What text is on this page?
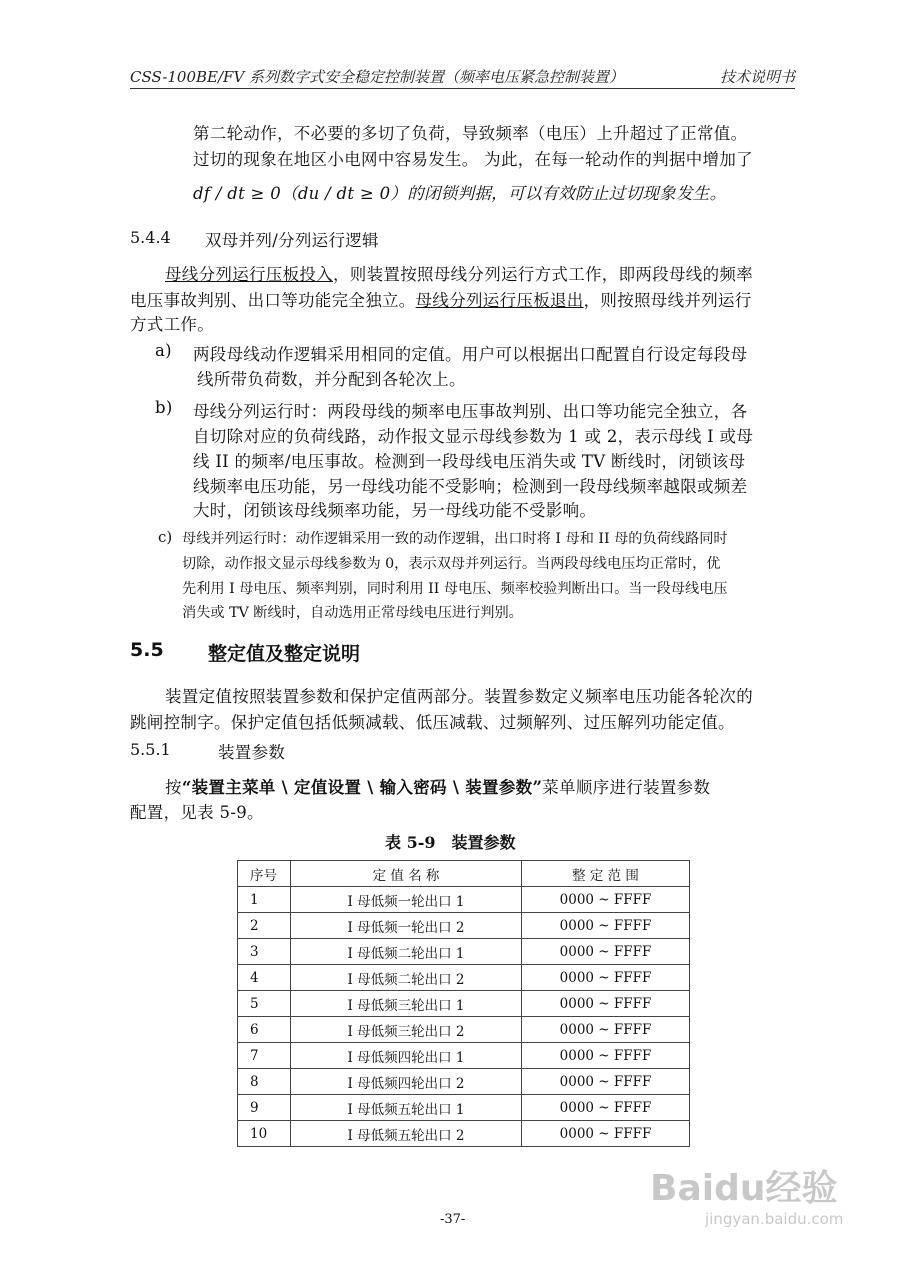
CSS-100BE/FV 系列数字式安全稳定控制装置（频率电压紧急控制装置）	技术说明书
第二轮动作，不必要的多切了负荷，导致频率（电压）上升超过了正常值。
过切的现象在地区小电网中容易发生。 为此，在每一轮动作的判据中增加了
df / dt ≥ 0（du / dt ≥ 0）的闭锁判据，可以有效防止过切现象发生。
5.4.4 双母并列/分列运行逻辑
母线分列运行压板投入，则装置按照母线分列运行方式工作，即两段母线的频率
电压事故判别、出口等功能完全独立。母线分列运行压板退出，则按照母线并列运行
方式工作。
a) 两段母线动作逻辑采用相同的定值。用户可以根据出口配置自行设定每段母
线所带负荷数，并分配到各轮次上。
b) 母线分列运行时：两段母线的频率电压事故判别、出口等功能完全独立，各
自切除对应的负荷线路，动作报文显示母线参数为 1 或 2，表示母线 I 或母
线 II 的频率/电压事故。检测到一段母线电压消失或 TV 断线时，闭锁该母
线频率电压功能，另一母线功能不受影响；检测到一段母线频率越限或频差
大时，闭锁该母线频率功能，另一母线功能不受影响。
c) 母线并列运行时：动作逻辑采用一致的动作逻辑，出口时将 I 母和 II 母的负荷线路同时
切除，动作报文显示母线参数为 0，表示双母并列运行。当两段母线电压均正常时，优
先利用 I 母电压、频率判别，同时利用 II 母电压、频率校验判断出口。当一段母线电压
消失或 TV 断线时，自动选用正常母线电压进行判别。
5.5 整定值及整定说明
装置定值按照装置参数和保护定值两部分。装置参数定义频率电压功能各轮次的
跳闸控制字。保护定值包括低频减载、低压减载、过频解列、过压解列功能定值。
5.5.1	装置参数
按“装置主菜单 \ 定值设置 \ 输入密码 \ 装置参数”菜单顺序进行装置参数
配置，见表 5-9。
表 5-9　装置参数
序号	定 值 名 称	整 定 范 围
1	I 母低频一轮出口 1	0000 ~ FFFF
2	I 母低频一轮出口 2	0000 ~ FFFF
3	I 母低频二轮出口 1	0000 ~ FFFF
4	I 母低频二轮出口 2	0000 ~ FFFF
5	I 母低频三轮出口 1	0000 ~ FFFF
6	I 母低频三轮出口 2	0000 ~ FFFF
7	I 母低频四轮出口 1	0000 ~ FFFF
8	I 母低频四轮出口 2	0000 ~ FFFF
9	I 母低频五轮出口 1	0000 ~ FFFF
10	I 母低频五轮出口 2	0000 ~ FFFF
-37-
Baidu经验
jingyan.baidu.com
